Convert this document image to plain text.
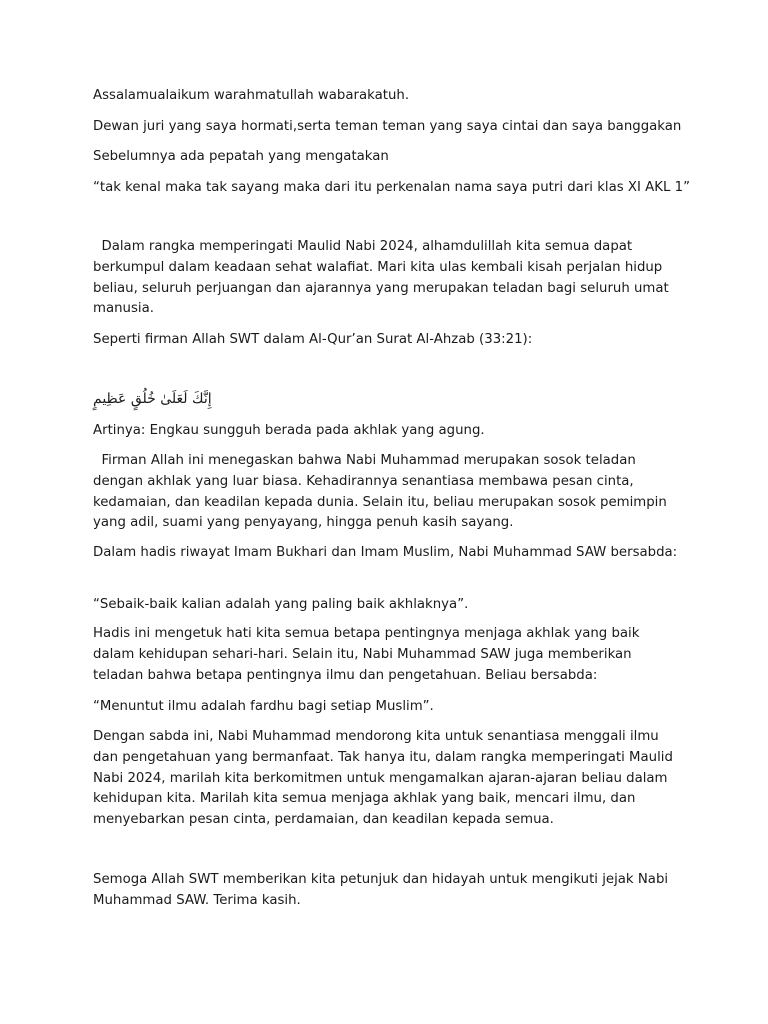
Assalamualaikum warahmatullah wabarakatuh.

Dewan juri yang saya hormati,serta teman teman yang saya cintai dan saya banggakan

Sebelumnya ada pepatah yang mengatakan

“tak kenal maka tak sayang maka dari itu perkenalan nama saya putri dari klas XI AKL 1”

Dalam rangka memperingati Maulid Nabi 2024, alhamdulillah kita semua dapat berkumpul dalam keadaan sehat walafiat. Mari kita ulas kembali kisah perjalan hidup beliau, seluruh perjuangan dan ajarannya yang merupakan teladan bagi seluruh umat manusia.

Seperti firman Allah SWT dalam Al-Qur’an Surat Al-Ahzab (33:21):

إِنَّكَ لَعَلَىٰ خُلُقٍ عَظِيمٍ

Artinya: Engkau sungguh berada pada akhlak yang agung.

Firman Allah ini menegaskan bahwa Nabi Muhammad merupakan sosok teladan dengan akhlak yang luar biasa. Kehadirannya senantiasa membawa pesan cinta, kedamaian, dan keadilan kepada dunia. Selain itu, beliau merupakan sosok pemimpin yang adil, suami yang penyayang, hingga penuh kasih sayang.

Dalam hadis riwayat Imam Bukhari dan Imam Muslim, Nabi Muhammad SAW bersabda:

“Sebaik-baik kalian adalah yang paling baik akhlaknya”.

Hadis ini mengetuk hati kita semua betapa pentingnya menjaga akhlak yang baik dalam kehidupan sehari-hari. Selain itu, Nabi Muhammad SAW juga memberikan teladan bahwa betapa pentingnya ilmu dan pengetahuan. Beliau bersabda:

“Menuntut ilmu adalah fardhu bagi setiap Muslim”.

Dengan sabda ini, Nabi Muhammad mendorong kita untuk senantiasa menggali ilmu dan pengetahuan yang bermanfaat. Tak hanya itu, dalam rangka memperingati Maulid Nabi 2024, marilah kita berkomitmen untuk mengamalkan ajaran-ajaran beliau dalam kehidupan kita. Marilah kita semua menjaga akhlak yang baik, mencari ilmu, dan menyebarkan pesan cinta, perdamaian, dan keadilan kepada semua.

Semoga Allah SWT memberikan kita petunjuk dan hidayah untuk mengikuti jejak Nabi Muhammad SAW. Terima kasih.
